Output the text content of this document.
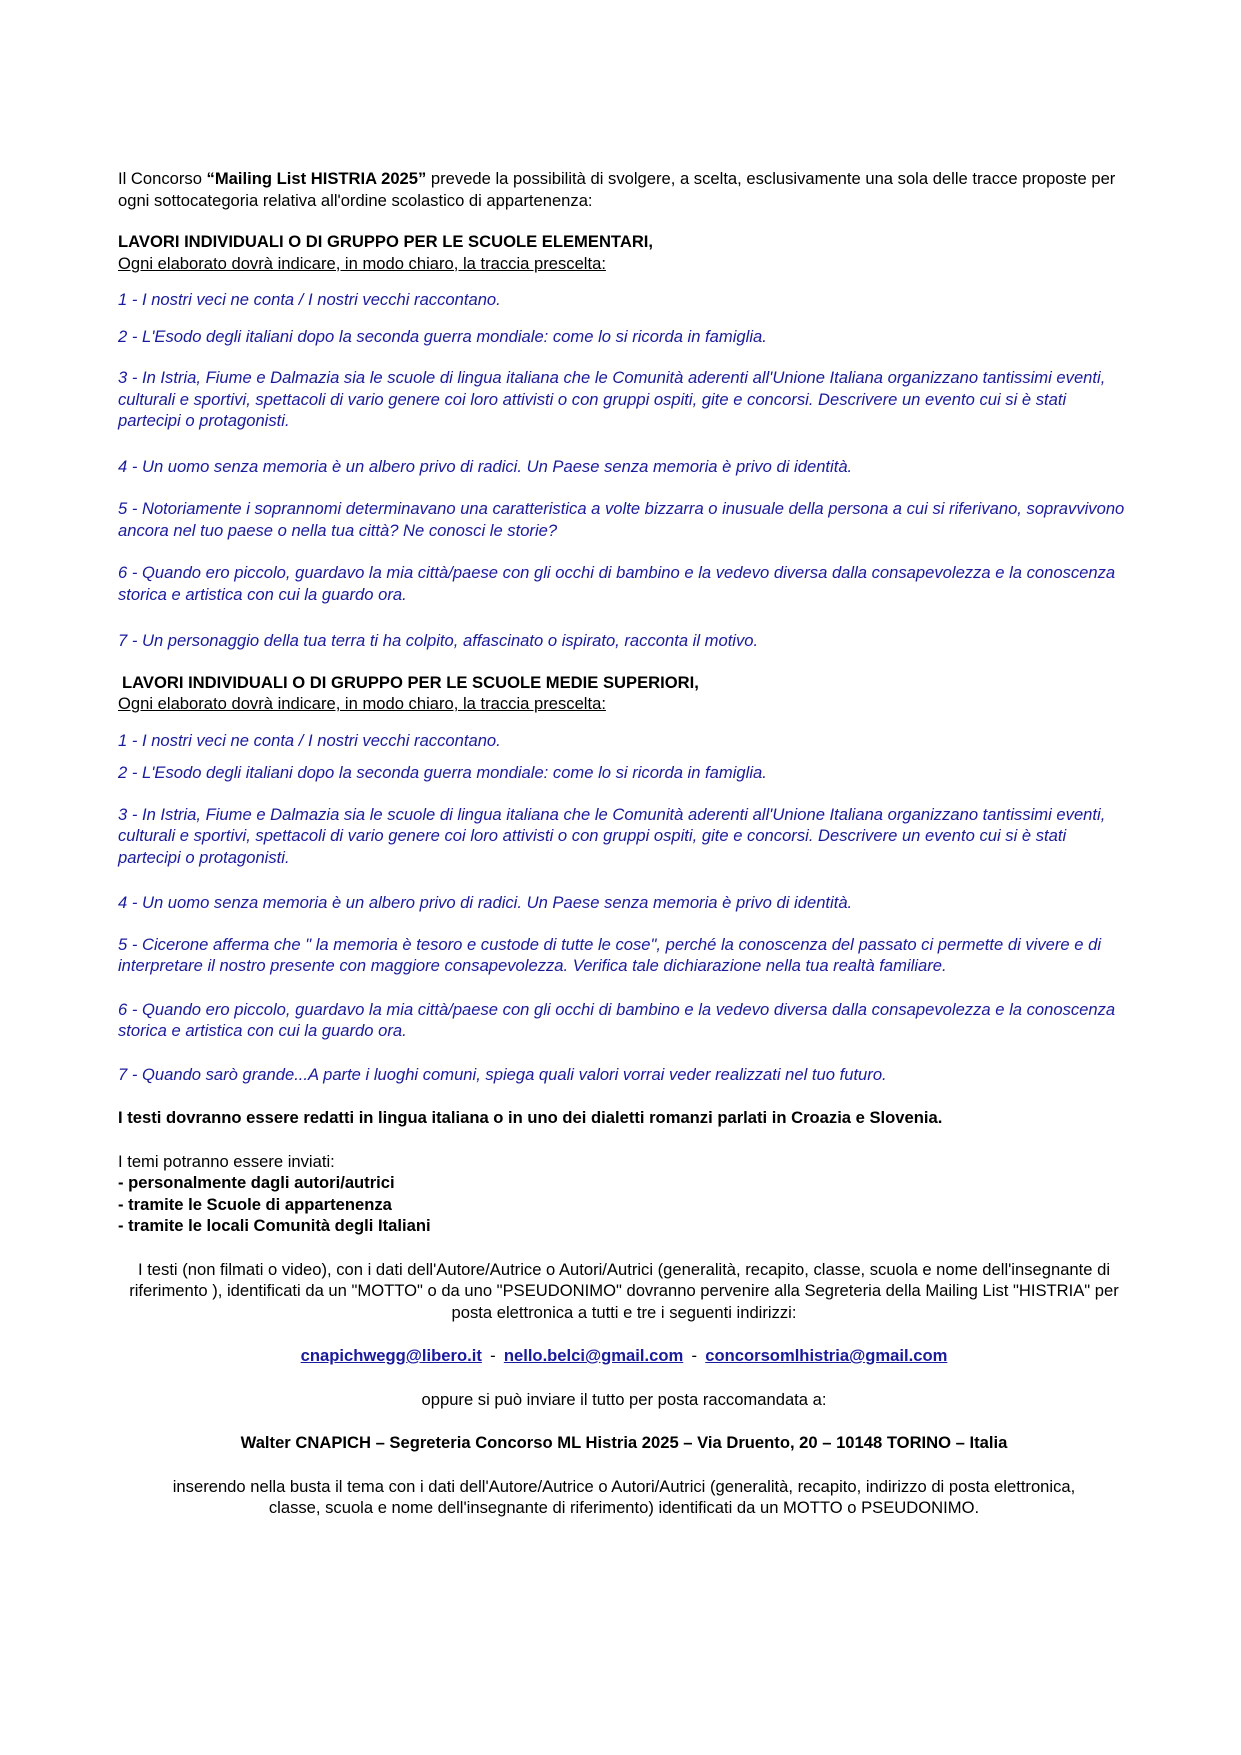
Il Concorso “Mailing List HISTRIA 2025” prevede la possibilità di svolgere, a scelta, esclusivamente una sola delle tracce proposte per ogni sottocategoria relativa all'ordine scolastico di appartenenza:

LAVORI INDIVIDUALI O DI GRUPPO PER LE SCUOLE ELEMENTARI,

Ogni elaborato dovrà indicare, in modo chiaro, la traccia prescelta:

1 - I nostri veci ne conta / I nostri vecchi raccontano.

2 - L'Esodo degli italiani dopo la seconda guerra mondiale: come lo si ricorda in famiglia.

3 - In Istria, Fiume e Dalmazia sia le scuole di lingua italiana che le Comunità aderenti all'Unione Italiana organizzano tantissimi eventi, culturali e sportivi, spettacoli di vario genere coi loro attivisti o con gruppi ospiti, gite e concorsi. Descrivere un evento cui si è stati partecipi o protagonisti.

4 - Un uomo senza memoria è un albero privo di radici. Un Paese senza memoria è privo di identità.

5 - Notoriamente i soprannomi determinavano una caratteristica a volte bizzarra o inusuale della persona a cui si riferivano, sopravvivono ancora nel tuo paese o nella tua città? Ne conosci le storie?

6 - Quando ero piccolo, guardavo la mia città/paese con gli occhi di bambino e la vedevo diversa dalla consapevolezza e la conoscenza storica e artistica con cui la guardo ora.

7 - Un personaggio della tua terra ti ha colpito, affascinato o ispirato, racconta il motivo.

LAVORI INDIVIDUALI O DI GRUPPO PER LE SCUOLE MEDIE SUPERIORI,

Ogni elaborato dovrà indicare, in modo chiaro, la traccia prescelta:

1 - I nostri veci ne conta / I nostri vecchi raccontano.

2 - L'Esodo degli italiani dopo la seconda guerra mondiale: come lo si ricorda in famiglia.

3 - In Istria, Fiume e Dalmazia sia le scuole di lingua italiana che le Comunità aderenti all'Unione Italiana organizzano tantissimi eventi, culturali e sportivi, spettacoli di vario genere coi loro attivisti o con gruppi ospiti, gite e concorsi. Descrivere un evento cui si è stati partecipi o protagonisti.

4 - Un uomo senza memoria è un albero privo di radici. Un Paese senza memoria è privo di identità.

5 - Cicerone afferma che " la memoria è tesoro e custode di tutte le cose", perché la conoscenza del passato ci permette di vivere e di interpretare il nostro presente con maggiore consapevolezza. Verifica tale dichiarazione nella tua realtà familiare.

6 - Quando ero piccolo, guardavo la mia città/paese con gli occhi di bambino e la vedevo diversa dalla consapevolezza e la conoscenza storica e artistica con cui la guardo ora.

7 - Quando sarò grande...A parte i luoghi comuni, spiega quali valori vorrai veder realizzati nel tuo futuro.

I testi dovranno essere redatti in lingua italiana o in uno dei dialetti romanzi parlati in Croazia e Slovenia.

I temi potranno essere inviati:

- personalmente dagli autori/autrici

- tramite le Scuole di appartenenza

- tramite le locali Comunità degli Italiani

I testi (non filmati o video), con i dati dell'Autore/Autrice o Autori/Autrici (generalità, recapito, classe, scuola e nome dell'insegnante di riferimento ), identificati da un "MOTTO" o da uno "PSEUDONIMO" dovranno pervenire alla Segreteria della Mailing List "HISTRIA" per posta elettronica a tutti e tre i seguenti indirizzi:

cnapichwegg@libero.it - nello.belci@gmail.com - concorsomlhistria@gmail.com

oppure si può inviare il tutto per posta raccomandata a:

Walter CNAPICH – Segreteria Concorso ML Histria 2025 – Via Druento, 20 – 10148 TORINO – Italia

inserendo nella busta il tema con i dati dell'Autore/Autrice o Autori/Autrici (generalità, recapito, indirizzo di posta elettronica, classe, scuola e nome dell'insegnante di riferimento) identificati da un MOTTO o PSEUDONIMO.
